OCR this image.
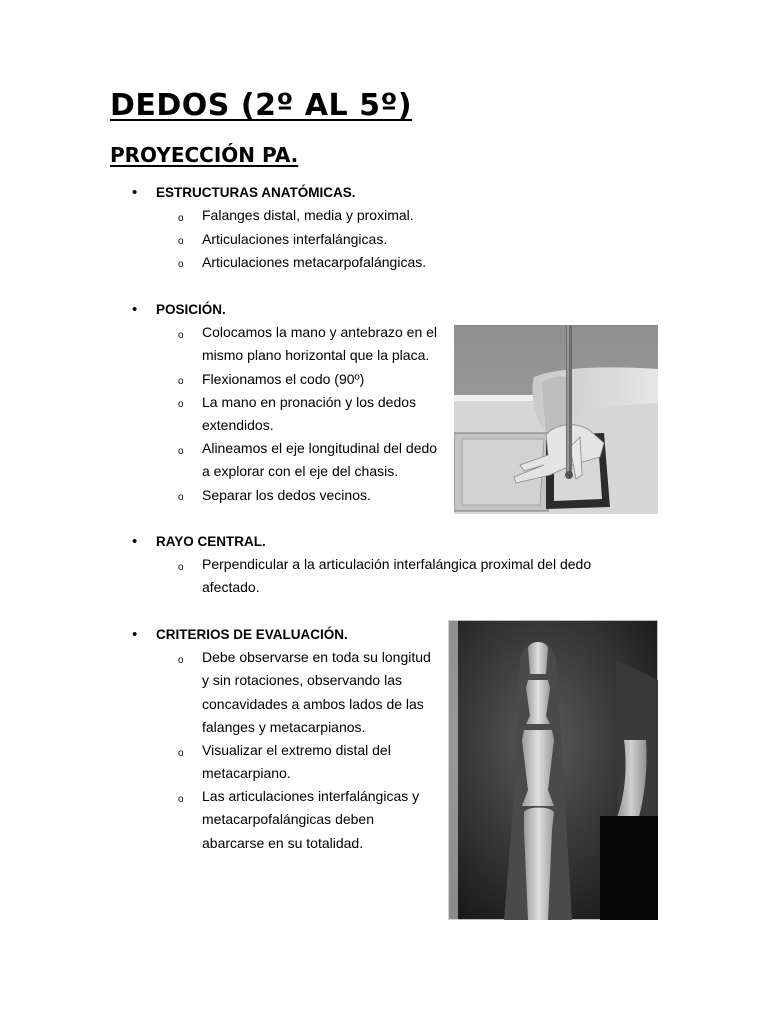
DEDOS (2º AL 5º)
PROYECCIÓN PA.
• ESTRUCTURAS ANATÓMICAS.
o Falanges distal, media y proximal.
o Articulaciones interfalángicas.
o Articulaciones metacarpofalángicas.
• POSICIÓN.
o Colocamos la mano y antebrazo en el
mismo plano horizontal que la placa.
o Flexionamos el codo (90º)
o La mano en pronación y los dedos
extendidos.
o Alineamos el eje longitudinal del dedo
a explorar con el eje del chasis.
o Separar los dedos vecinos.
• RAYO CENTRAL.
o Perpendicular a la articulación interfalángica proximal del dedo
afectado.
• CRITERIOS DE EVALUACIÓN.
o Debe observarse en toda su longitud
y sin rotaciones, observando las
concavidades a ambos lados de las
falanges y metacarpianos.
o Visualizar el extremo distal del
metacarpiano.
o Las articulaciones interfalángicas y
metacarpofalángicas deben
abarcarse en su totalidad.
